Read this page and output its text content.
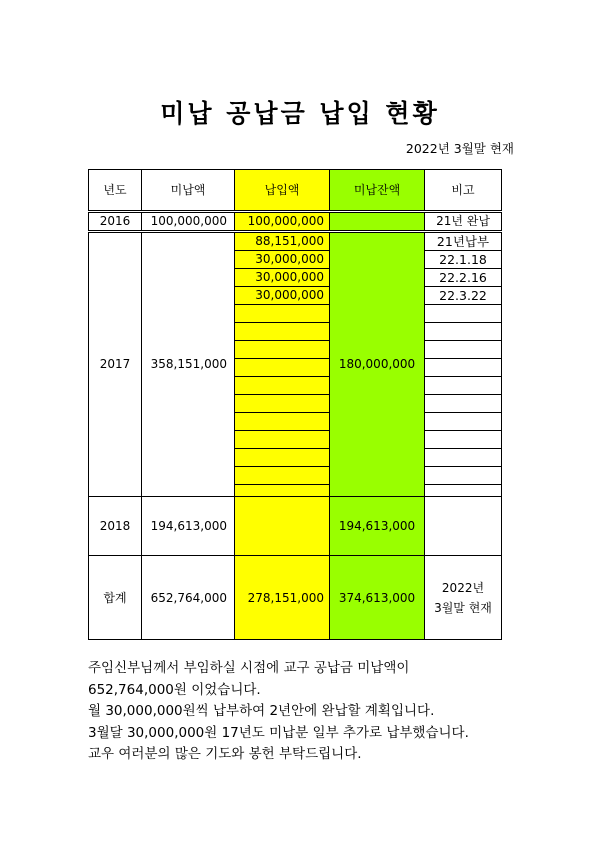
미납 공납금 납입 현황
2022년 3월말 현재
년도	미납액	납입액	미납잔액	비고
2016	100,000,000	100,000,000		21년 완납
2017	358,151,000	88,151,000	180,000,000	21년납부
		30,000,000		22.1.18
		30,000,000		22.2.16
		30,000,000		22.3.22

2018	194,613,000		194,613,000	
합계	652,764,000	278,151,000	374,613,000	2022년
3월말 현재
주임신부님께서 부임하실 시점에 교구 공납금 미납액이
652,764,000원 이었습니다.
월 30,000,000원씩 납부하여 2년안에 완납할 계획입니다.
3월달 30,000,000원 17년도 미납분 일부 추가로 납부했습니다.
교우 여러분의 많은 기도와 봉헌 부탁드립니다.
